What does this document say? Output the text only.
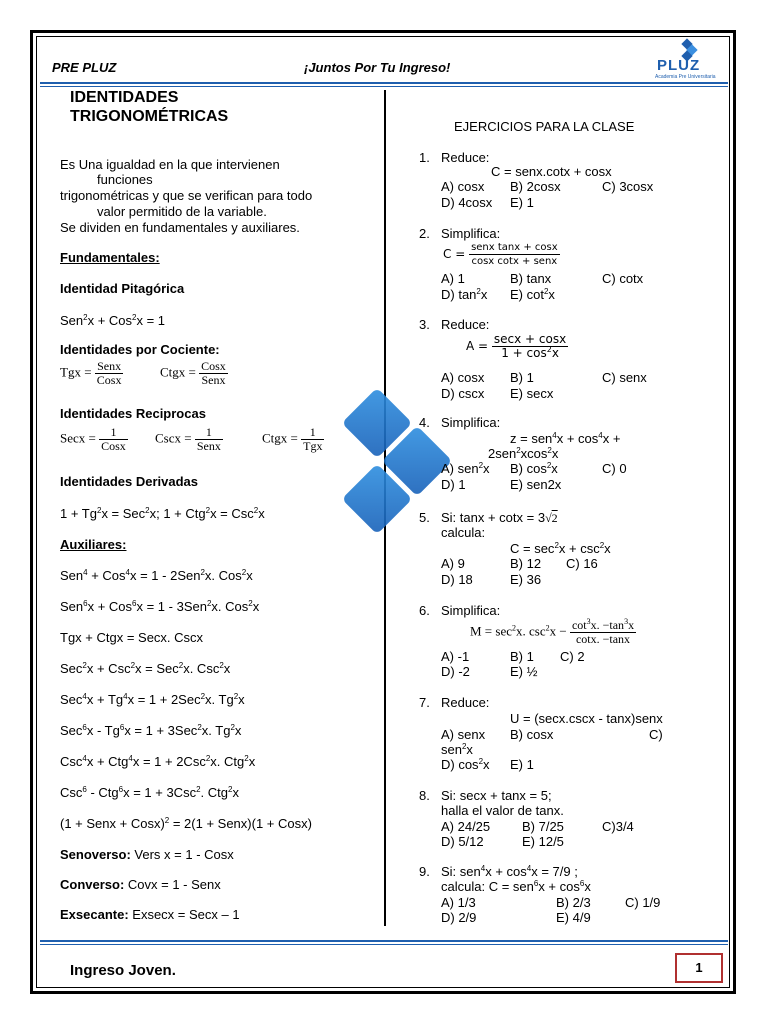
PRE PLUZ	¡Juntos Por Tu Ingreso!	PLUZ
Academia Pre Universitaria
IDENTIDADES
TRIGONOMÉTRICAS
Es Una igualdad en la que intervienen
funciones
trigonométricas y que se verifican para todo
valor permitido de la variable.
Se dividen en fundamentales y auxiliares.
Fundamentales:
Identidad Pitagórica
Sen$^2$x + Cos$^2$x = 1
Identidades por Cociente:
Tgx = $\frac{\text{Senx}}{\text{Cosx}}$	Ctgx = $\frac{\text{Cosx}}{\text{Senx}}$
Identidades Reciprocas
Secx = $\frac{1}{\text{Cosx}}$ Cscx = $\frac{1}{\text{Senx}}$	Ctgx = $\frac{1}{\text{Tgx}}$
Identidades Derivadas
$1 + Tg^2x = Sec^2x$; 1 + Ctg$^2$x = Csc$^2$x
Auxiliares:
Sen$^4$ + Cos$^4$x = 1 - 2Sen$^2$x. Cos$^2$x
Sen$^6$x + Cos$^6$x = 1 - 3Sen$^2$x. Cos$^2$x
Tgx + Ctgx = Secx. Cscx
Sec$^2$x + Csc$^2$x = Sec$^2$x. Csc$^2$x
$Sec^4x + Tg^4x = 1 + 2Sec^2x$. Tg$^2$x
$Sec^6x - Tg^6x = 1 + 3Sec^2x$. Tg$^2$x
Csc$^4$x + Ctg$^4$x = 1 + 2Csc$^2$x. Ctg$^2$x
Csc$^6$ - Ctg$^6$x = 1 + 3Csc$^2$. Ctg$^2$x
(1 + Senx + Cosx)$^2$ = 2(1 + Senx)(1 + Cosx)
Senoverso: Vers x = 1 - Cosx
Converso: Covx = 1 - Senx
Exsecante: Exsecx = Secx – 1
EJERCICIOS PARA LA CLASE
1. Reduce:
C = senx.cotx + cosx
A) cosx B) 2cosx	C) 3cosx
D) 4cosx E) 1
2. Simplifica:
$C = \frac{\text{senx tanx + cosx}}{\text{cosx cotx + senx}}$
A) 1	B) tanx	C) cotx
D) $\tan^2x$ E) $\cot^2x$
3. Reduce:
$A = \frac{\sec x + \cos x}{1 + \cos^2x}$
A) cosx B) 1	C) senx
D) cscx E) secx
4. Simplifica:
$z = sen^4x + \cos^4x$ +
2sen$^2$xcos$^2$x
A) sen$^2$x B) $\cos^2x$	C) 0
D) 1	E) sen2x
5. Si: tanx + cotx = 3√2
calcula:
$C = \sec^2x + \csc^2x$
A) 9	B) 12 C) 16
D) 18	E) 36
6. Simplifica:
$M = \sec^2x$. $\csc^2x - \frac{\cot^3x. -\tan^3x}{\cot x. -\tan x}$
A) -1	B) 1 C) 2
D) -2	E) ½
7. Reduce:
U = (secx.cscx - tanx)senx
A) senx B) cosx	C)
sen$^2$x
D) $\cos^2x$ E) 1
8. Si: secx + tanx = 5;
halla el valor de tanx.
A) 24/25 B) 7/25	C)3/4
D) 5/12	E) 12/5
9. Si: $sen^4x + \cos^4x = 7/9$ ;
calcula: $C = sen^6x + \cos^6x$
A) 1/3	B) 2/3	C) 1/9
D) 2/9	E) 4/9
Ingreso Joven.	1
